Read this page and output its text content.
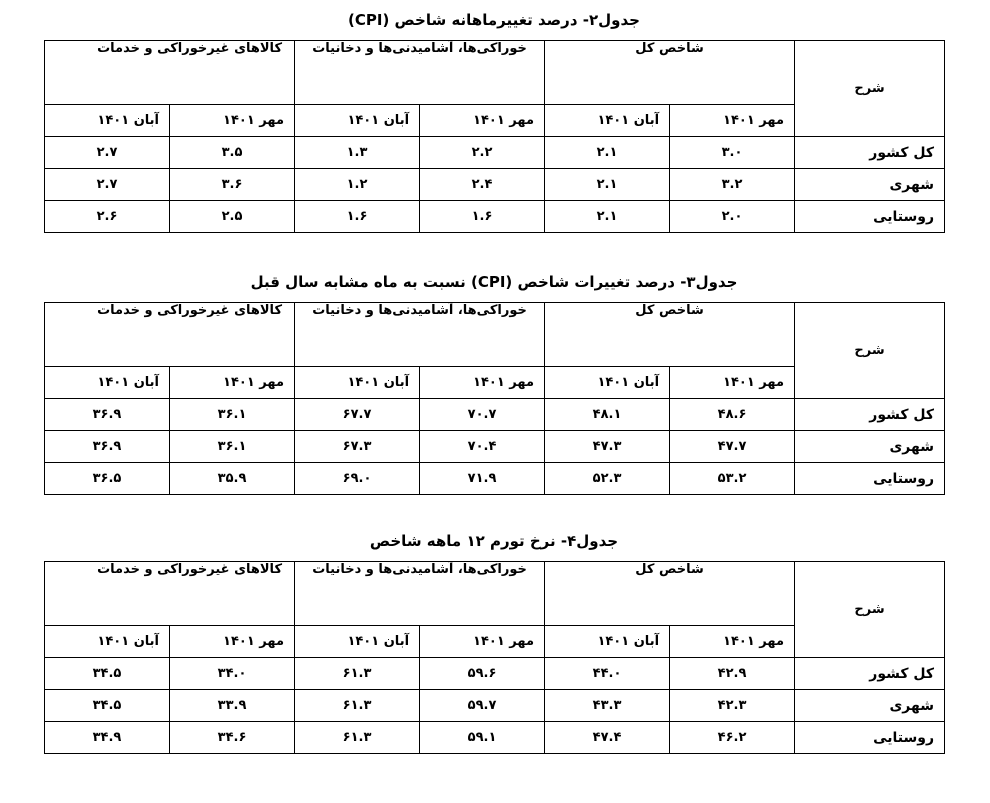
جدول۲- درصد تغییرماهانه شاخص (CPI)
شرح	شاخص کل		خوراکی‌ها، آشامیدنی‌ها و دخانیات		کالاهای غیرخوراکی و خدمات	
	مهر ۱۴۰۱	آبان ۱۴۰۱	مهر ۱۴۰۱	آبان ۱۴۰۱	مهر ۱۴۰۱	آبان ۱۴۰۱
کل کشور	۳.۰	۲.۱	۲.۲	۱.۳	۳.۵	۲.۷
شهری	۳.۲	۲.۱	۲.۴	۱.۲	۳.۶	۲.۷
روستایی	۲.۰	۲.۱	۱.۶	۱.۶	۲.۵	۲.۶
جدول۳- درصد تغییرات شاخص (CPI) نسبت به ماه مشابه سال قبل
شرح	شاخص کل		خوراکی‌ها، آشامیدنی‌ها و دخانیات		کالاهای غیرخوراکی و خدمات	
	مهر ۱۴۰۱	آبان ۱۴۰۱	مهر ۱۴۰۱	آبان ۱۴۰۱	مهر ۱۴۰۱	آبان ۱۴۰۱
کل کشور	۴۸.۶	۴۸.۱	۷۰.۷	۶۷.۷	۳۶.۱	۳۶.۹
شهری	۴۷.۷	۴۷.۳	۷۰.۴	۶۷.۳	۳۶.۱	۳۶.۹
روستایی	۵۳.۲	۵۲.۳	۷۱.۹	۶۹.۰	۳۵.۹	۳۶.۵
جدول۴- نرخ تورم ۱۲ ماهه شاخص
شرح	شاخص کل		خوراکی‌ها، آشامیدنی‌ها و دخانیات		کالاهای غیرخوراکی و خدمات	
	مهر ۱۴۰۱	آبان ۱۴۰۱	مهر ۱۴۰۱	آبان ۱۴۰۱	مهر ۱۴۰۱	آبان ۱۴۰۱
کل کشور	۴۲.۹	۴۴.۰	۵۹.۶	۶۱.۳	۳۴.۰	۳۴.۵
شهری	۴۲.۳	۴۳.۳	۵۹.۷	۶۱.۳	۳۳.۹	۳۴.۵
روستایی	۴۶.۲	۴۷.۴	۵۹.۱	۶۱.۳	۳۴.۶	۳۴.۹
